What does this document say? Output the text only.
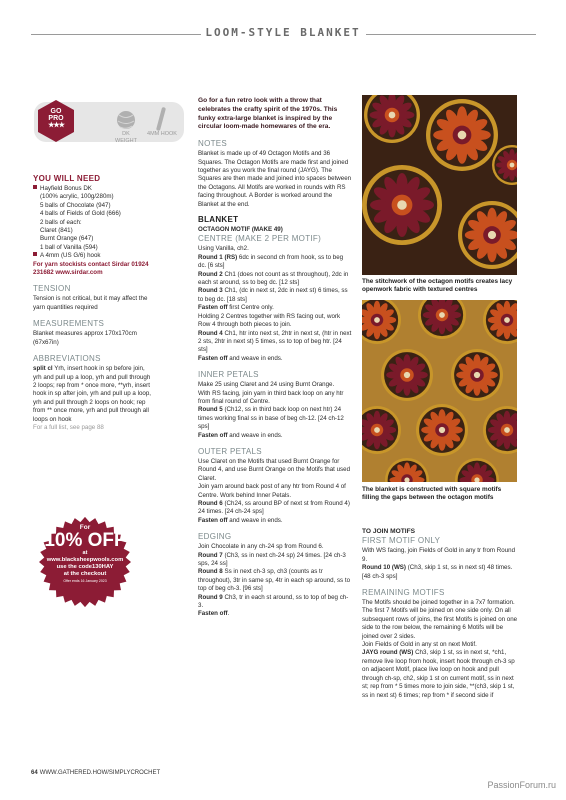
LOOM-STYLE BLANKET
GO
PRO
★★★
DK WEIGHT
4MM HOOK
YOU WILL NEED

Hayfield Bonus DK

(100% acrylic, 100g/280m)

5 balls of Chocolate (947)

4 balls of Fields of Gold (666)

2 balls of each:

Claret (841)

Burnt Orange (647)

1 ball of Vanilla (594)

A 4mm (US G/6) hook

For yarn stockists contact Sirdar 01924 231682 www.sirdar.com

TENSION

Tension is not critical, but it may affect the yarn quantities required

MEASUREMENTS

Blanket measures approx 170x170cm (67x67in)

ABBREVIATIONS

split cl Yrh, insert hook in sp before join, yrh and pull up a loop, yrh and pull through 2 loops; rep from * once more, **yrh, insert hook in sp after join, yrh and pull up a loop, yrh and pull through 2 loops on hook; rep from ** once more, yrh and pull through all loops on hook

For a full list, see page 88

For
10% OFF
at
www.blacksheepwools.com
use the code130HAY
at the checkout
Offer ends 16 January 2023

Go for a fun retro look with a throw that celebrates the crafty spirit of the 1970s. This funky extra-large blanket is inspired by the circular loom-made homewares of the era.

NOTES

Blanket is made up of 49 Octagon Motifs and 36 Squares. The Octagon Motifs are made first and joined together as you work the final round (JAYG). The Squares are then made and joined into spaces between the Octagons. All Motifs are worked in rounds with RS facing throughout. A Border is worked around the Blanket at the end.

BLANKET

OCTAGON MOTIF (MAKE 49)

CENTRE (MAKE 2 PER MOTIF)

Using Vanilla, ch2.

Round 1 (RS) 6dc in second ch from hook, ss to beg dc. [6 sts]

Round 2 Ch1 (does not count as st throughout), 2dc in each st around, ss to beg dc. [12 sts]

Round 3 Ch1, (dc in next st, 2dc in next st) 6 times, ss to beg dc. [18 sts]

Fasten off first Centre only.

Holding 2 Centres together with RS facing out, work Row 4 through both pieces to join.

Round 4 Ch1, htr into next st, 2htr in next st, (htr in next 2 sts, 2htr in next st) 5 times, ss to top of beg htr. [24 sts]

Fasten off and weave in ends.

INNER PETALS

Make 25 using Claret and 24 using Burnt Orange.

With RS facing, join yarn in third back loop on any htr from final round of Centre.

Round 5 (Ch12, ss in third back loop on next htr) 24 times working final ss in base of beg ch-12. [24 ch-12 sps]

Fasten off and weave in ends.

OUTER PETALS

Use Claret on the Motifs that used Burnt Orange for Round 4, and use Burnt Orange on the Motifs that used Claret.

Join yarn around back post of any htr from Round 4 of Centre. Work behind Inner Petals.

Round 6 (Ch24, ss around BP of next st from Round 4) 24 times. [24 ch-24 sps]

Fasten off and weave in ends.

EDGING

Join Chocolate in any ch-24 sp from Round 6.

Round 7 (Ch3, ss in next ch-24 sp) 24 times. [24 ch-3 sps, 24 ss]

Round 8 Ss in next ch-3 sp, ch3 (counts as tr throughout), 3tr in same sp, 4tr in each sp around, ss to top of beg ch-3. [96 sts]

Round 9 Ch3, tr in each st around, ss to top of beg ch-3.

Fasten off.

The stitchwork of the octagon motifs creates lacy openwork fabric with textured centres
The blanket is constructed with square motifs filling the gaps between the octagon motifs

TO JOIN MOTIFS

FIRST MOTIF ONLY

With WS facing, join Fields of Gold in any tr from Round 9.

Round 10 (WS) (Ch3, skip 1 st, ss in next st) 48 times. [48 ch-3 sps]

REMAINING MOTIFS

The Motifs should be joined together in a 7x7 formation. The first 7 Motifs will be joined on one side only. On all subsequent rows of joins, the first Motifs is joined on one side to the row below, the remaining 6 Motifs will be joined over 2 sides.

Join Fields of Gold in any st on next Motif.

JAYG round (WS) Ch3, skip 1 st, ss in next st, *ch1, remove live loop from hook, insert hook through ch-3 sp on adjacent Motif, place live loop on hook and pull through ch-sp, ch2, skip 1 st on current motif, ss in next st; rep from * 5 times more to join side, **(ch3, skip 1 st, ss in next st) 6 times; rep from * if second side if

64 WWW.GATHERED.HOW/SIMPLYCROCHET
PassionForum.ru
